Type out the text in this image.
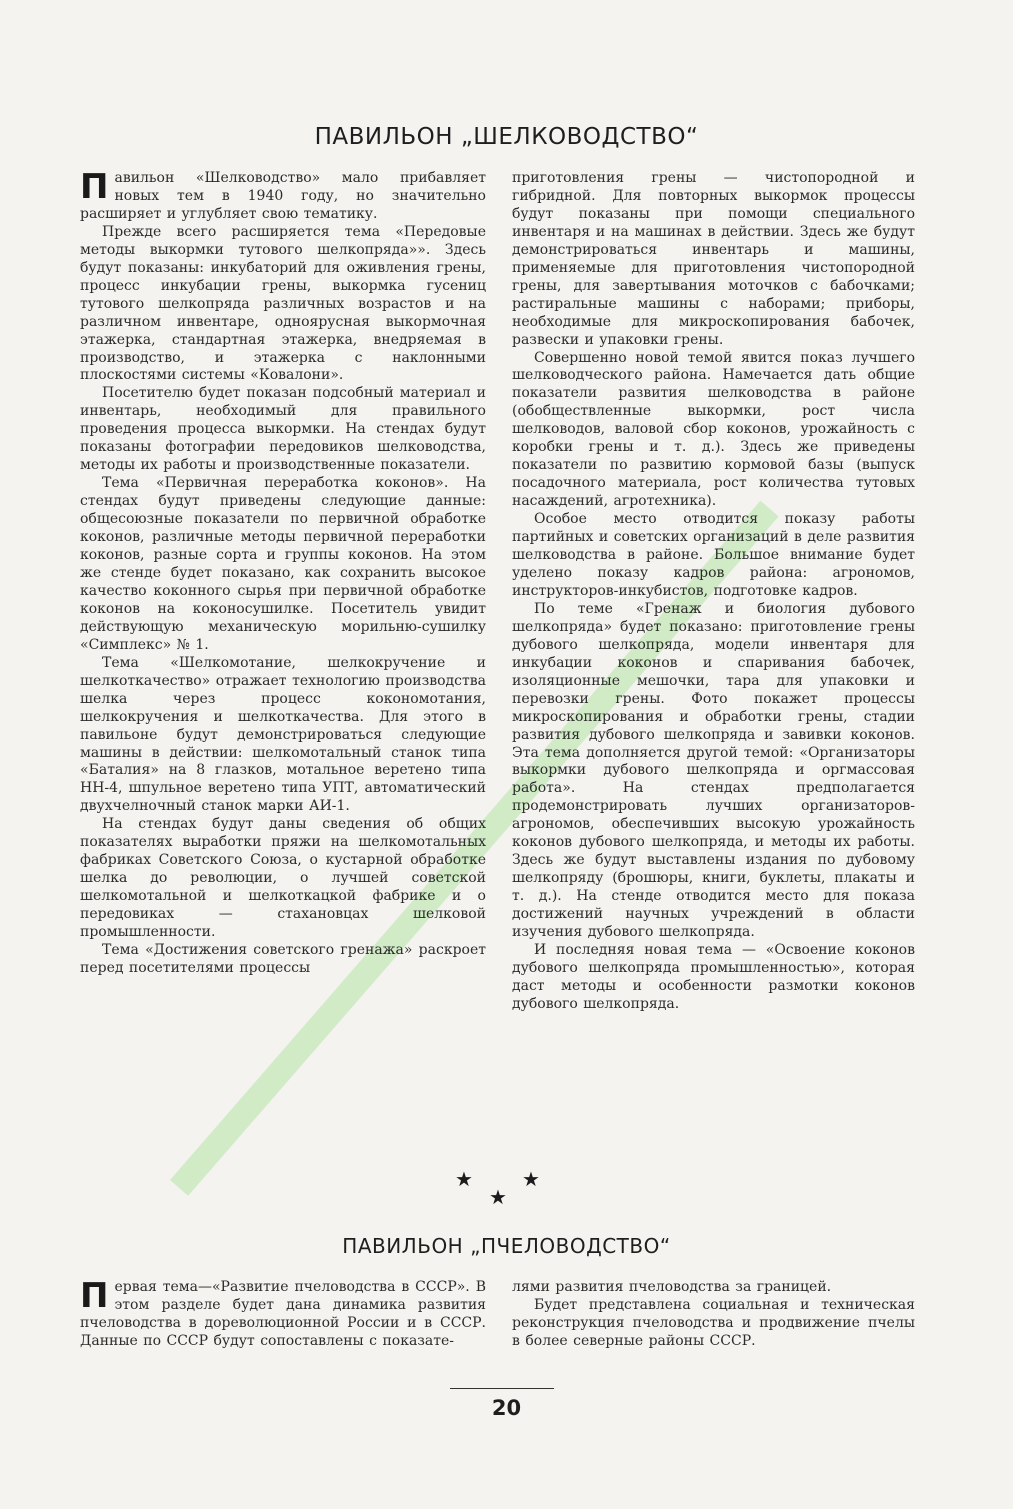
ПАВИЛЬОН „ШЕЛКОВОДСТВО“

Павильон «Шелководство» мало прибавляет новых тем в 1940 году, но значительно расширяет и углубляет свою тематику.

Прежде всего расширяется тема «Передовые методы выкормки тутового шелкопряда»». Здесь будут показаны: инкубаторий для оживления грены, процесс инкубации грены, выкормка гусениц тутового шелкопряда различных возрастов и на различном инвентаре, одноярусная выкормочная этажерка, стандартная этажерка, внедряемая в производство, и этажерка с наклонными плоскостями системы «Ковалони».

Посетителю будет показан подсобный материал и инвентарь, необходимый для правильного проведения процесса выкормки. На стендах будут показаны фотографии передовиков шелководства, методы их работы и производственные показатели.

Тема «Первичная переработка коконов». На стендах будут приведены следующие данные: общесоюзные показатели по первичной обработке коконов, различные методы первичной переработки коконов, разные сорта и группы коконов. На этом же стенде будет показано, как сохранить высокое качество коконного сырья при первичной обработке коконов на коконосушилке. Посетитель увидит действующую механическую морильню-сушилку «Симплекс» № 1.

Тема «Шелкомотание, шелкокручение и шелкоткачество» отражает технологию производства шелка через процесс кокономотания, шелкокручения и шелкоткачества. Для этого в павильоне будут демонстрироваться следующие машины в действии: шелкомотальный станок типа «Баталия» на 8 глазков, мотальное веретено типа НН-4, шпульное веретено типа УПТ, автоматический двухчелночный станок марки АИ-1.

На стендах будут даны сведения об общих показателях выработки пряжи на шелкомотальных фабриках Советского Союза, о кустарной обработке шелка до революции, о лучшей советской шелкомотальной и шелкоткацкой фабрике и о передовиках — стахановцах шелковой промышленности.

Тема «Достижения советского гренажа» раскроет перед посетителями процессы

приготовления грены — чистопородной и гибридной. Для повторных выкормок процессы будут показаны при помощи специального инвентаря и на машинах в действии. Здесь же будут демонстрироваться инвентарь и машины, применяемые для приготовления чистопородной грены, для завертывания моточков с бабочками; растиральные машины с наборами; приборы, необходимые для микроскопирования бабочек, развески и упаковки грены.

Совершенно новой темой явится показ лучшего шелководческого района. Намечается дать общие показатели развития шелководства в районе (обобществленные выкормки, рост числа шелководов, валовой сбор коконов, урожайность с коробки грены и т. д.). Здесь же приведены показатели по развитию кормовой базы (выпуск посадочного материала, рост количества тутовых насаждений, агротехника).

Особое место отводится показу работы партийных и советских организаций в деле развития шелководства в районе. Большое внимание будет уделено показу кадров района: агрономов, инструкторов-инкубистов, подготовке кадров.

По теме «Гренаж и биология дубового шелкопряда» будет показано: приготовление грены дубового шелкопряда, модели инвентаря для инкубации коконов и спаривания бабочек, изоляционные мешочки, тара для упаковки и перевозки грены. Фото покажет процессы микроскопирования и обработки грены, стадии развития дубового шелкопряда и завивки коконов. Эта тема дополняется другой темой: «Организаторы выкормки дубового шелкопряда и оргмассовая работа». На стендах предполагается продемонстрировать лучших организаторов-агрономов, обеспечивших высокую урожайность коконов дубового шелкопряда, и методы их работы. Здесь же будут выставлены издания по дубовому шелкопряду (брошюры, книги, буклеты, плакаты и т. д.). На стенде отводится место для показа достижений научных учреждений в области изучения дубового шелкопряда.

И последняя новая тема — «Освоение коконов дубового шелкопряда промышленностью», которая даст методы и особенности размотки коконов дубового шелкопряда.

★ ★
★
ПАВИЛЬОН „ПЧЕЛОВОДСТВО“

Первая тема—«Развитие пчеловодства в СССР». В этом разделе будет дана динамика развития пчеловодства в дореволюционной России и в СССР. Данные по СССР будут сопоставлены с показате-

лями развития пчеловодства за границей.

Будет представлена социальная и техническая реконструкция пчеловодства и продвижение пчелы в более северные районы СССР.

20
